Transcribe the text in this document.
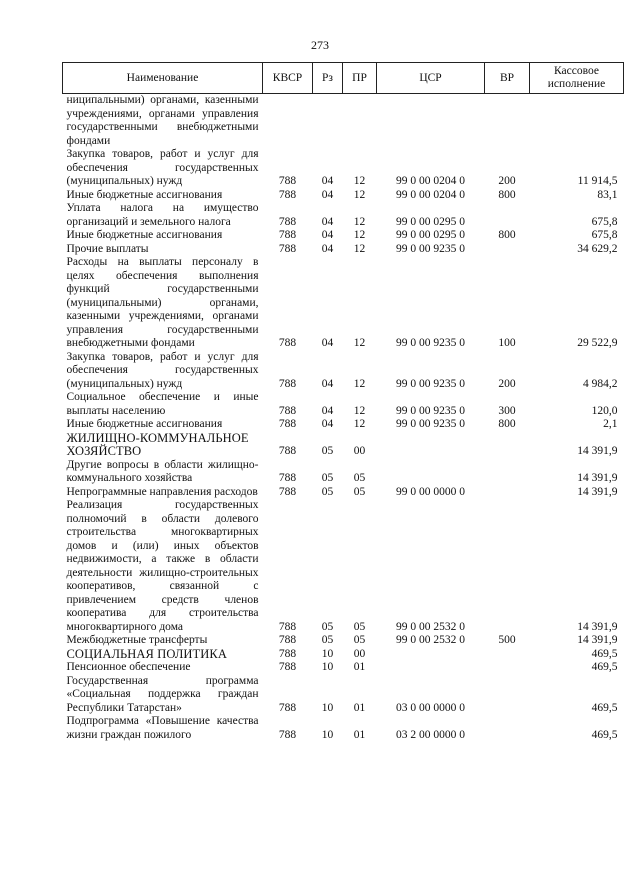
273
Наименование	КВСР	Рз	ПР	ЦСР	ВР	Кассовое исполнение
ниципальными) органами, казенными учреждениями, органами управления государственными внебюджетными фондами						
Закупка товаров, работ и услуг для обеспечения государственных (муниципальных) нужд	788	04	12	99 0 00 0204 0	200	11 914,5
Иные бюджетные ассигнования	788	04	12	99 0 00 0204 0	800	83,1
Уплата налога на имущество организаций и земельного налога	788	04	12	99 0 00 0295 0		675,8
Иные бюджетные ассигнования	788	04	12	99 0 00 0295 0	800	675,8
Прочие выплаты	788	04	12	99 0 00 9235 0		34 629,2
Расходы на выплаты персоналу в целях обеспечения выполнения функций государственными (муниципальными) органами, казенными учреждениями, органами управления государственными внебюджетными фондами	788	04	12	99 0 00 9235 0	100	29 522,9
Закупка товаров, работ и услуг для обеспечения государственных (муниципальных) нужд	788	04	12	99 0 00 9235 0	200	4 984,2
Социальное обеспечение и иные выплаты населению	788	04	12	99 0 00 9235 0	300	120,0
Иные бюджетные ассигнования	788	04	12	99 0 00 9235 0	800	2,1
ЖИЛИЩНО-КОММУНАЛЬНОЕ ХОЗЯЙСТВО	788	05	00			14 391,9
Другие вопросы в области жилищно-коммунального хозяйства	788	05	05			14 391,9
Непрограммные направления расходов	788	05	05	99 0 00 0000 0		14 391,9
Реализация государственных полномочий в области долевого строительства многоквартирных домов и (или) иных объектов недвижимости, а также в области деятельности жилищно-строительных кооперативов, связанной с привлечением средств членов кооператива для строительства многоквартирного дома	788	05	05	99 0 00 2532 0		14 391,9
Межбюджетные трансферты	788	05	05	99 0 00 2532 0	500	14 391,9
СОЦИАЛЬНАЯ ПОЛИТИКА	788	10	00			469,5
Пенсионное обеспечение	788	10	01			469,5
Государственная программа «Социальная поддержка граждан Республики Татарстан»	788	10	01	03 0 00 0000 0		469,5
Подпрограмма «Повышение качества жизни граждан пожилого	788	10	01	03 2 00 0000 0		469,5
